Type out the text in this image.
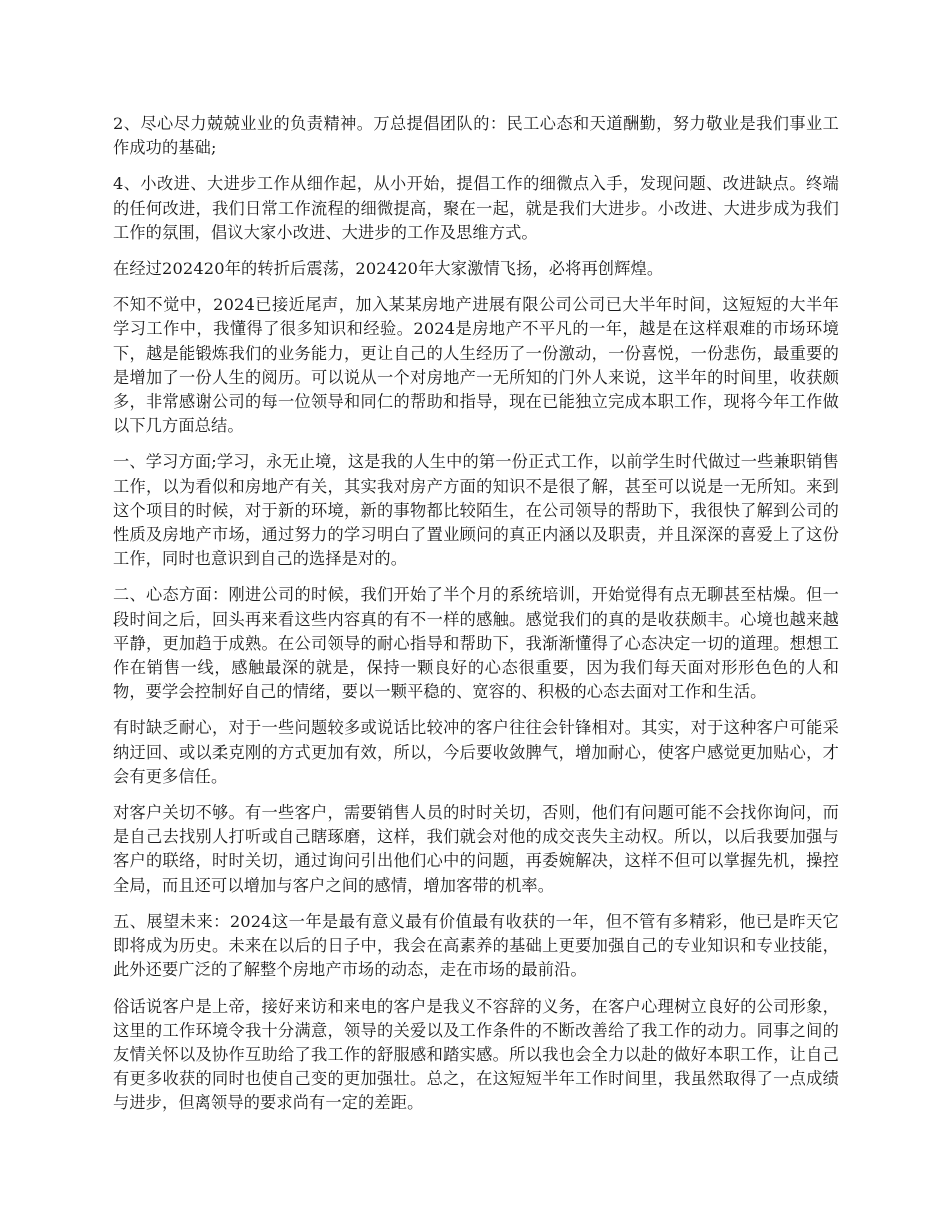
2、尽心尽力兢兢业业的负责精神。万总提倡团队的：民工心态和天道酬勤，努力敬业是我们事业工作成功的基础;

4、小改进、大进步工作从细作起，从小开始，提倡工作的细微点入手，发现问题、改进缺点。终端的任何改进，我们日常工作流程的细微提高，聚在一起，就是我们大进步。小改进、大进步成为我们工作的氛围，倡议大家小改进、大进步的工作及思维方式。

在经过202420年的转折后震荡，202420年大家激情飞扬，必将再创辉煌。

不知不觉中，2024已接近尾声，加入某某房地产进展有限公司公司已大半年时间，这短短的大半年学习工作中，我懂得了很多知识和经验。2024是房地产不平凡的一年，越是在这样艰难的市场环境下，越是能锻炼我们的业务能力，更让自己的人生经历了一份激动，一份喜悦，一份悲伤，最重要的是增加了一份人生的阅历。可以说从一个对房地产一无所知的门外人来说，这半年的时间里，收获颇多，非常感谢公司的每一位领导和同仁的帮助和指导，现在已能独立完成本职工作，现将今年工作做以下几方面总结。

一、学习方面;学习，永无止境，这是我的人生中的第一份正式工作，以前学生时代做过一些兼职销售工作，以为看似和房地产有关，其实我对房产方面的知识不是很了解，甚至可以说是一无所知。来到这个项目的时候，对于新的环境，新的事物都比较陌生，在公司领导的帮助下，我很快了解到公司的性质及房地产市场，通过努力的学习明白了置业顾问的真正内涵以及职责，并且深深的喜爱上了这份工作，同时也意识到自己的选择是对的。

二、心态方面：刚进公司的时候，我们开始了半个月的系统培训，开始觉得有点无聊甚至枯燥。但一段时间之后，回头再来看这些内容真的有不一样的感触。感觉我们的真的是收获颇丰。心境也越来越平静，更加趋于成熟。在公司领导的耐心指导和帮助下，我渐渐懂得了心态决定一切的道理。想想工作在销售一线，感触最深的就是，保持一颗良好的心态很重要，因为我们每天面对形形色色的人和物，要学会控制好自己的情绪，要以一颗平稳的、宽容的、积极的心态去面对工作和生活。

有时缺乏耐心，对于一些问题较多或说话比较冲的客户往往会针锋相对。其实，对于这种客户可能采纳迂回、或以柔克刚的方式更加有效，所以，今后要收敛脾气，增加耐心，使客户感觉更加贴心，才会有更多信任。

对客户关切不够。有一些客户，需要销售人员的时时关切，否则，他们有问题可能不会找你询问，而是自己去找别人打听或自己瞎琢磨，这样，我们就会对他的成交丧失主动权。所以，以后我要加强与客户的联络，时时关切，通过询问引出他们心中的问题，再委婉解决，这样不但可以掌握先机，操控全局，而且还可以增加与客户之间的感情，增加客带的机率。

五、展望未来：2024这一年是最有意义最有价值最有收获的一年，但不管有多精彩，他已是昨天它即将成为历史。未来在以后的日子中，我会在高素养的基础上更要加强自己的专业知识和专业技能，此外还要广泛的了解整个房地产市场的动态，走在市场的最前沿。

俗话说客户是上帝，接好来访和来电的客户是我义不容辞的义务，在客户心理树立良好的公司形象，这里的工作环境令我十分满意，领导的关爱以及工作条件的不断改善给了我工作的动力。同事之间的友情关怀以及协作互助给了我工作的舒服感和踏实感。所以我也会全力以赴的做好本职工作，让自己有更多收获的同时也使自己变的更加强壮。总之，在这短短半年工作时间里，我虽然取得了一点成绩与进步，但离领导的要求尚有一定的差距。
